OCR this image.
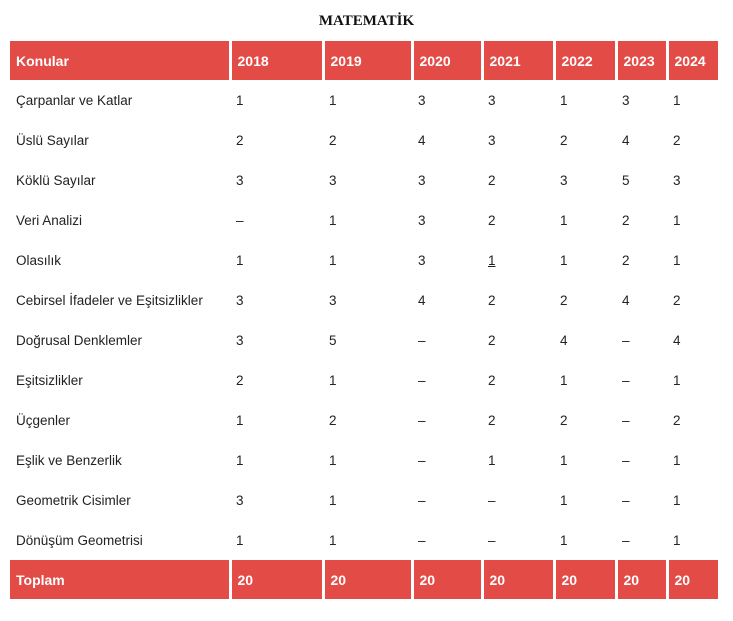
MATEMATİK
Konular	2018	2019	2020	2021	2022	2023	2024
Çarpanlar ve Katlar	1	1	3	3	1	3	1
Üslü Sayılar	2	2	4	3	2	4	2
Köklü Sayılar	3	3	3	2	3	5	3
Veri Analizi	–	1	3	2	1	2	1
Olasılık	1	1	3	1	1	2	1
Cebirsel İfadeler ve Eşitsizlikler	3	3	4	2	2	4	2
Doğrusal Denklemler	3	5	–	2	4	–	4
Eşitsizlikler	2	1	–	2	1	–	1
Üçgenler	1	2	–	2	2	–	2
Eşlik ve Benzerlik	1	1	–	1	1	–	1
Geometrik Cisimler	3	1	–	–	1	–	1
Dönüşüm Geometrisi	1	1	–	–	1	–	1
Toplam	20	20	20	20	20	20	20
